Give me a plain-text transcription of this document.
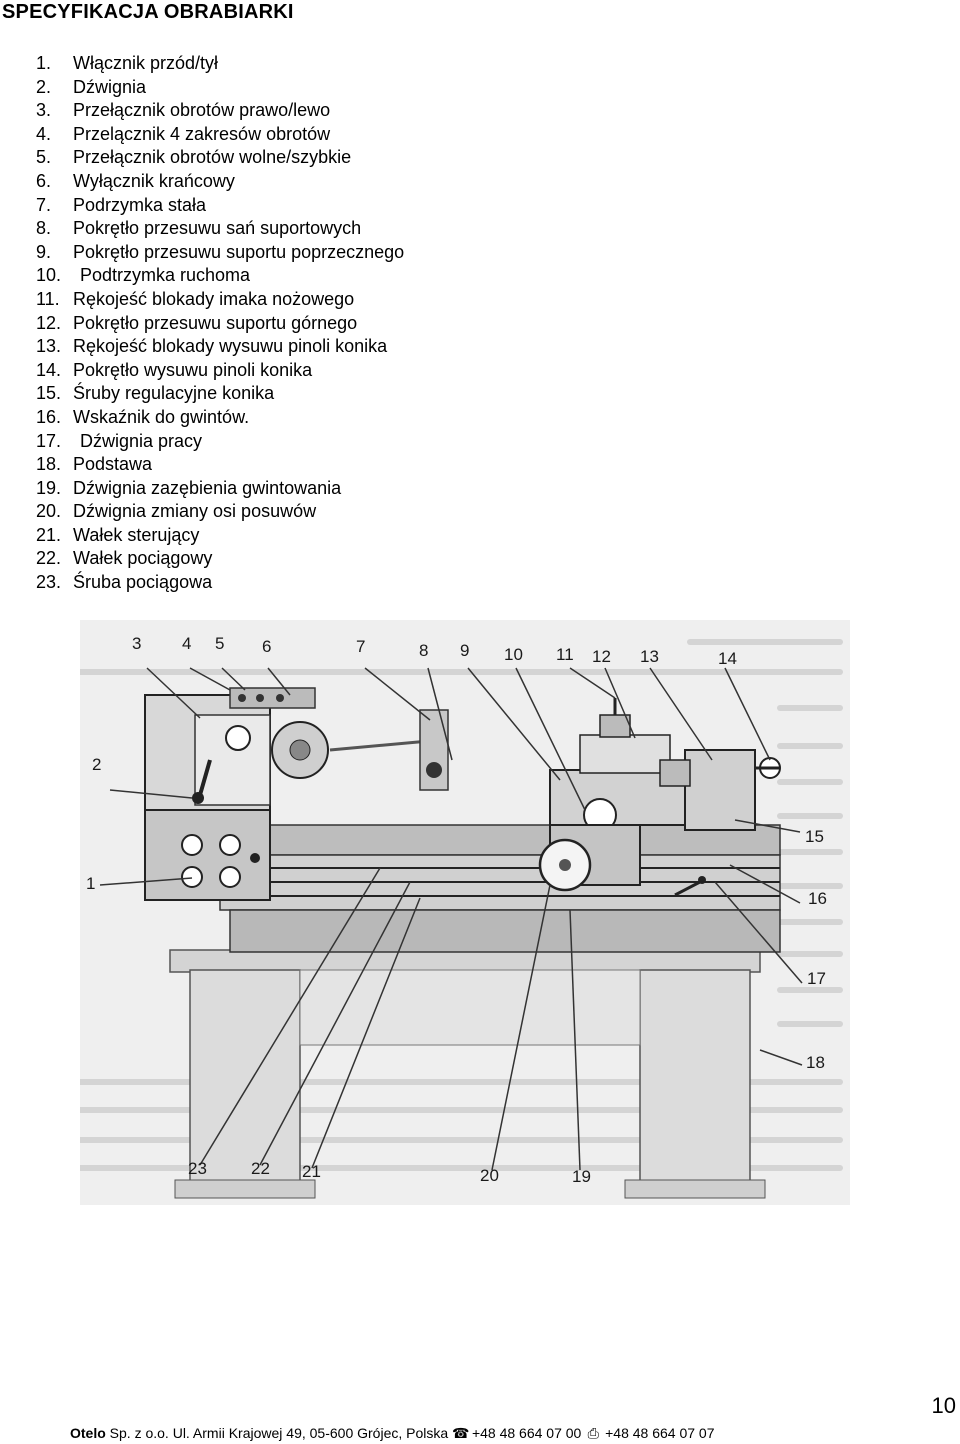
SPECYFIKACJA OBRABIARKI
1. Włącznik przód/tył
2. Dźwignia
3. Przełącznik obrotów prawo/lewo
4. Przelącznik 4 zakresów obrotów
5. Przełącznik obrotów wolne/szybkie
6. Wyłącznik krańcowy
7. Podrzymka stała
8. Pokrętło przesuwu sań suportowych
9. Pokrętło przesuwu suportu poprzecznego
10. Podtrzymka ruchoma
11. Rękojeść blokady imaka nożowego
12. Pokrętło przesuwu suportu górnego
13. Rękojeść blokady wysuwu pinoli konika
14. Pokrętło wysuwu pinoli konika
15. Śruby regulacyjne konika
16. Wskaźnik do gwintów.
17. Dźwignia pracy
18. Podstawa
19. Dźwignia zazębienia gwintowania
20. Dźwignia zmiany osi posuwów
21. Wałek sterujący
22. Wałek pociągowy
23. Śruba pociągowa
1
2
3 4 5 6	7	8 9 10 11 12 13	14
15
16
17
18
19
20
21
22
23
10
Otelo Sp. z o.o. Ul. Armii Krajowej 49, 05-600 Grójec, Polska ☎ +48 48 664 07 00 ⎙ +48 48 664 07 07
